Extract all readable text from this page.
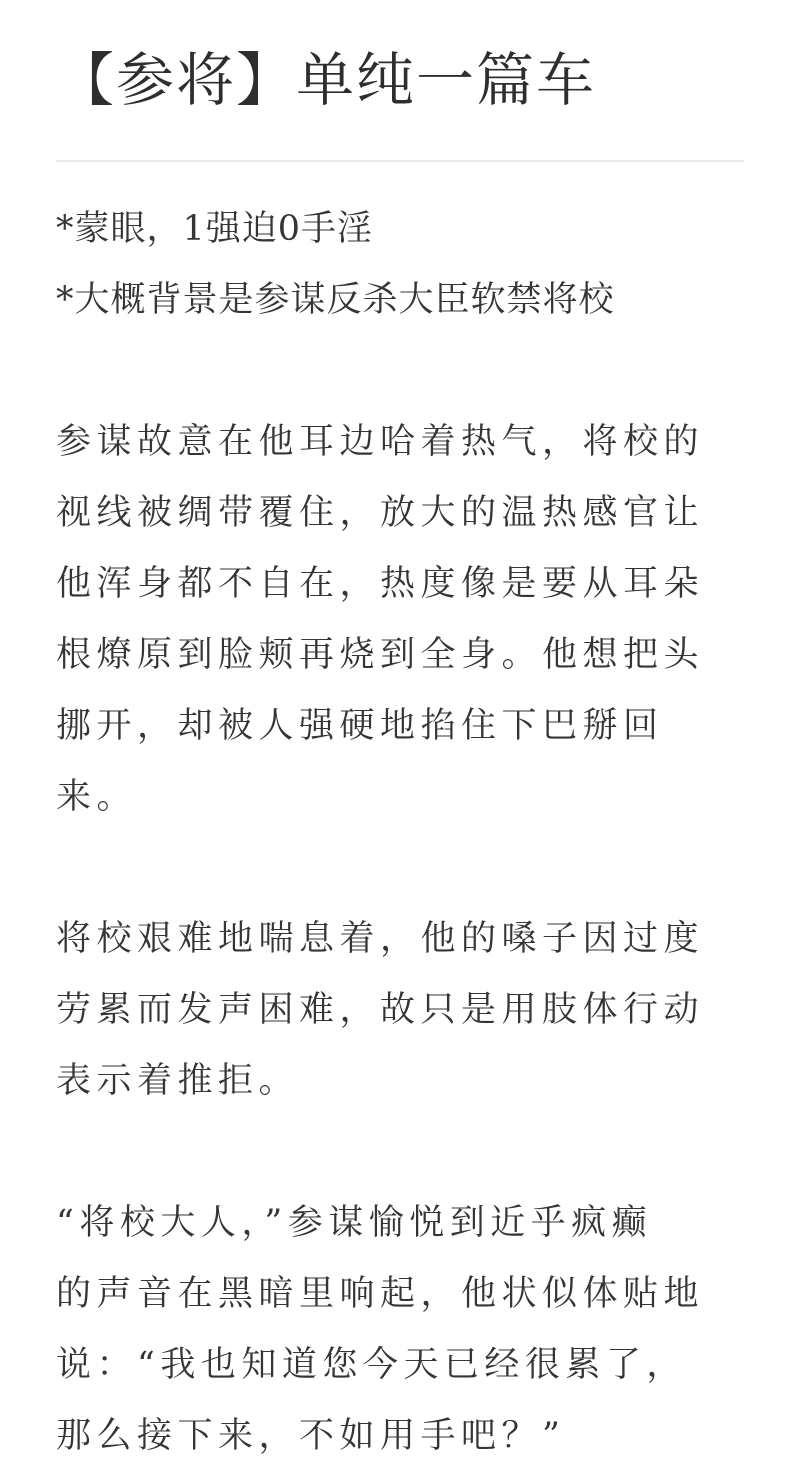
【参将】单纯一篇车

*蒙眼，1强迫0手淫

*大概背景是参谋反杀大臣软禁将校

参谋故意在他耳边哈着热气，将校的
视线被绸带覆住，放大的温热感官让
他浑身都不自在，热度像是要从耳朵
根燎原到脸颊再烧到全身。他想把头
挪开，却被人强硬地掐住下巴掰回
来。

将校艰难地喘息着，他的嗓子因过度
劳累而发声困难，故只是用肢体行动
表示着推拒。

“将校大人，”参谋愉悦到近乎疯癫
的声音在黑暗里响起，他状似体贴地
说：“我也知道您今天已经很累了，
那么接下来，不如用手吧？”
